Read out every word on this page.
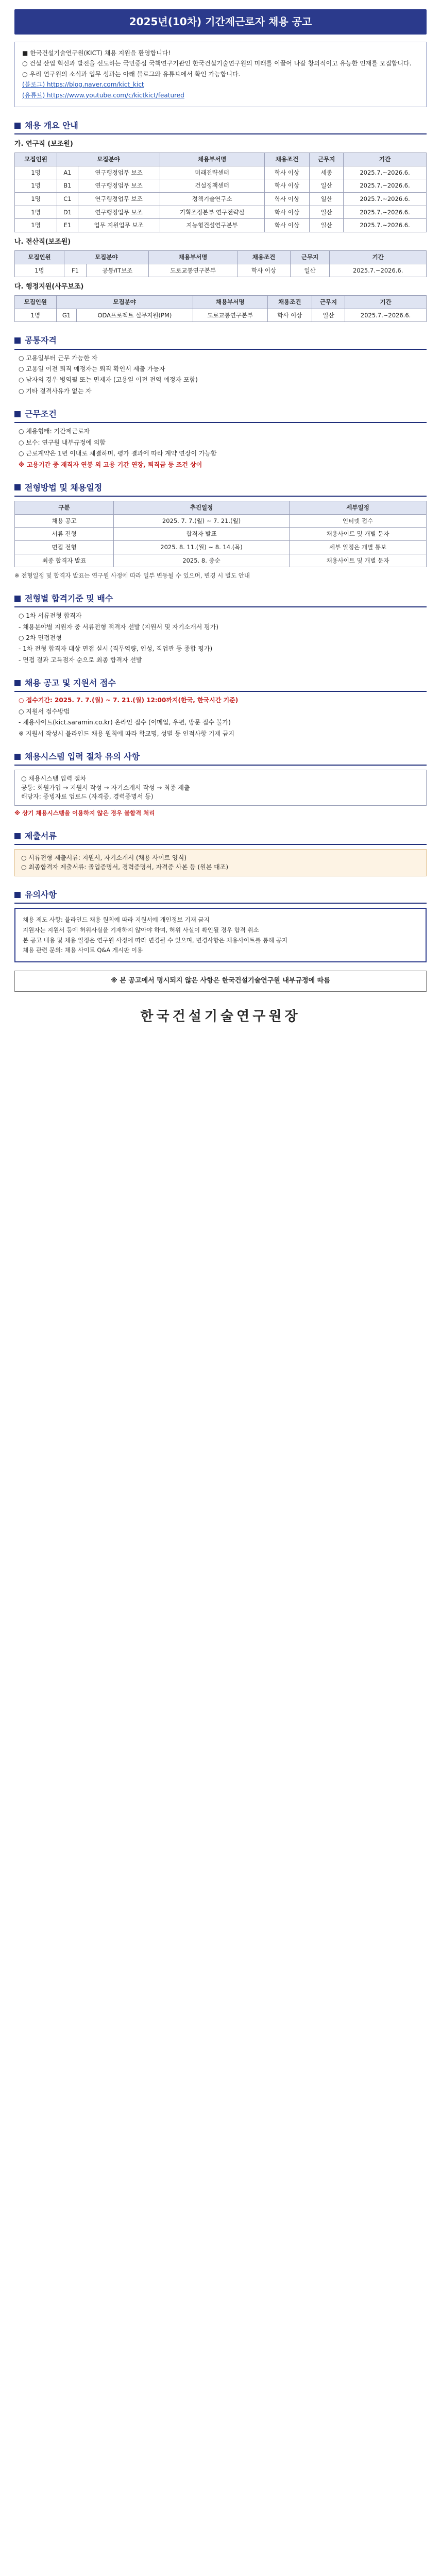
2025년(10차) 기간제근로자 채용 공고

■ 한국건설기술연구원(KICT) 채용 지원을 환영합니다!

○ 건설 산업 혁신과 발전을 선도하는 국민중심 국책연구기관인 한국건설기술연구원의 미래를 이끌어 나갈 창의적이고 유능한 인재를 모집합니다.

○ 우리 연구원의 소식과 업무 성과는 아래 블로그와 유튜브에서 확인 가능합니다.

(블로그) https://blog.naver.com/kict_kict

(유튜브) https://www.youtube.com/c/kictkict/featured

채용 개요 안내
가. 연구직 (보조원)
모집인원	모집분야		채용부서명	채용조건	근무지	기간
1명	A1	연구행정업무 보조	미래전략센터	학사 이상	세종	2025.7.~2026.6.
1명	B1	연구행정업무 보조	건설정책센터	학사 이상	일산	2025.7.~2026.6.
1명	C1	연구행정업무 보조	정책기술연구소	학사 이상	일산	2025.7.~2026.6.
1명	D1	연구행정업무 보조	기획조정본부 연구전략실	학사 이상	일산	2025.7.~2026.6.
1명	E1	업무 지원업무 보조	지능형건설연구본부	학사 이상	일산	2025.7.~2026.6.
나. 전산직(보조원)
모집인원	모집분야		채용부서명	채용조건	근무지	기간
1명	F1	공통/IT보조	도로교통연구본부	학사 이상	일산	2025.7.~2026.6.
다. 행정지원(사무보조)
모집인원	모집분야		채용부서명	채용조건	근무지	기간
1명	G1	ODA프로젝트 실무지원(PM)	도로교통연구본부	학사 이상	일산	2025.7.~2026.6.
공통자격
○ 고용일부터 근무 가능한 자
○ 고용일 이전 퇴직 예정자는 퇴직 확인서 제출 가능자
○ 남자의 경우 병역필 또는 면제자 (고용일 이전 전역 예정자 포함)
○ 기타 결격사유가 없는 자
근무조건
○ 채용형태: 기간제근로자
○ 보수: 연구원 내부규정에 의함
○ 근로계약은 1년 이내로 체결하며, 평가 결과에 따라 계약 연장이 가능함
※ 고용기간 중 재직자 연봉 외 고용 기간 연장, 퇴직금 등 조건 상이
전형방법 및 채용일정
구분	추진일정	세부일정
채용 공고	2025. 7. 7.(월) ~ 7. 21.(월)	인터넷 접수
서류 전형	합격자 발표	채용사이트 및 개별 문자
면접 전형	2025. 8. 11.(월) ~ 8. 14.(목)	세부 일정은 개별 통보
최종 합격자 발표	2025. 8. 중순	채용사이트 및 개별 문자
※ 전형일정 및 합격자 발표는 연구원 사정에 따라 일부 변동될 수 있으며, 변경 시 별도 안내
전형별 합격기준 및 배수
○ 1차 서류전형 합격자
- 채용분야별 지원자 중 서류전형 적격자 선발 (지원서 및 자기소개서 평가)
○ 2차 면접전형
- 1차 전형 합격자 대상 면접 실시 (직무역량, 인성, 직업관 등 종합 평가)
- 면접 결과 고득점자 순으로 최종 합격자 선발
채용 공고 및 지원서 접수
○ 접수기간: 2025. 7. 7.(월) ~ 7. 21.(월) 12:00까지(한국, 한국시간 기준)
○ 지원서 접수방법
- 채용사이트(kict.saramin.co.kr) 온라인 접수 (이메일, 우편, 방문 접수 불가)
※ 지원서 작성시 블라인드 채용 원칙에 따라 학교명, 성별 등 인적사항 기재 금지
채용시스템 입력 절차 유의 사항
○ 채용시스템 입력 절차
공통: 회원가입 → 지원서 작성 → 자기소개서 작성 → 최종 제출
해당자: 증빙자료 업로드 (자격증, 경력증명서 등)
※ 상기 채용시스템을 이용하지 않은 경우 불합격 처리
제출서류
○ 서류전형 제출서류: 지원서, 자기소개서 (채용 사이트 양식)
○ 최종합격자 제출서류: 졸업증명서, 경력증명서, 자격증 사본 등 (원본 대조)
유의사항

채용 제도 사항: 블라인드 채용 원칙에 따라 지원서에 개인정보 기재 금지

지원자는 지원서 등에 허위사실을 기재하지 않아야 하며, 허위 사실이 확인될 경우 합격 취소

본 공고 내용 및 채용 일정은 연구원 사정에 따라 변경될 수 있으며, 변경사항은 채용사이트를 통해 공지

채용 관련 문의: 채용 사이트 Q&A 게시판 이용

※ 본 공고에서 명시되지 않은 사항은 한국건설기술연구원 내부규정에 따름
한국건설기술연구원장
